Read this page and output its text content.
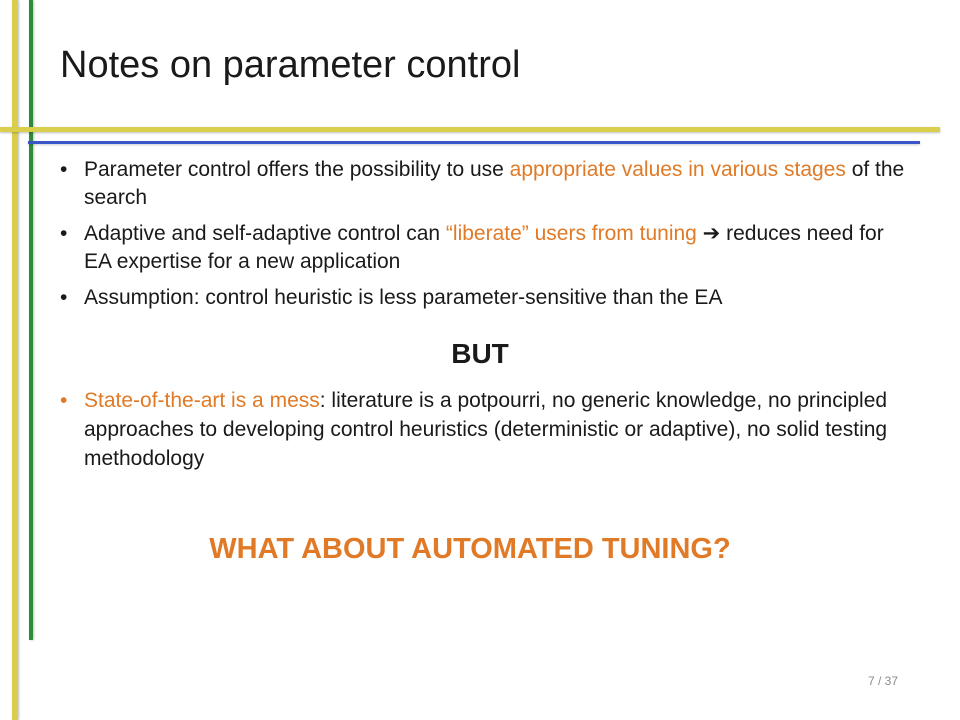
Notes on parameter control
• Parameter control offers the possibility to use appropriate values in various stages of the search
• Adaptive and self-adaptive control can “liberate” users from tuning ➔ reduces need for EA expertise for a new application
• Assumption: control heuristic is less parameter-sensitive than the EA
BUT
• State-of-the-art is a mess: literature is a potpourri, no generic knowledge, no principled approaches to developing control heuristics (deterministic or adaptive), no solid testing methodology
WHAT ABOUT AUTOMATED TUNING?
7 / 37
